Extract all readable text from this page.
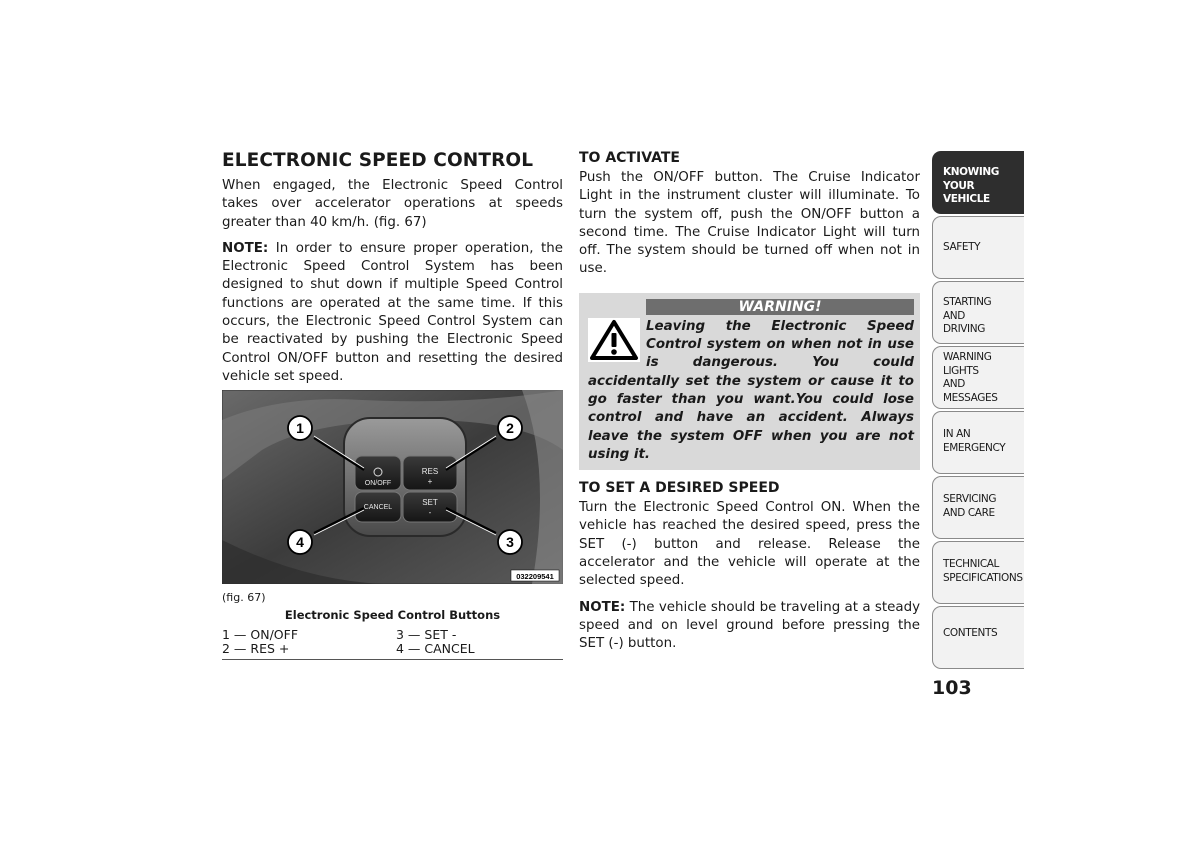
ELECTRONIC SPEED CONTROL

When engaged, the Electronic Speed Control takes over accelerator operations at speeds greater than 40 km/h. (fig. 67)

NOTE: In order to ensure proper operation, the Electronic Speed Control System has been designed to shut down if multiple Speed Control functions are operated at the same time. If this occurs, the Electronic Speed Control System can be reactivated by pushing the Electronic Speed Control ON/OFF button and resetting the desired vehicle set speed.

ON/OFF
RES
+
CANCEL
SET
-
1	2
3
4
032209541
(fig. 67)
Electronic Speed Control Buttons
1 — ON/OFF	3 — SET -
2 — RES +	4 — CANCEL
TO ACTIVATE

Push the ON/OFF button. The Cruise Indicator Light in the instrument cluster will illuminate. To turn the system off, push the ON/OFF button a second time. The Cruise Indicator Light will turn off. The system should be turned off when not in use.

WARNING!

Leaving the Electronic Speed Control system on when not in use is dangerous. You could accidentally set the system or cause it to go faster than you want.You could lose control and have an accident. Always leave the system OFF when you are not using it.

TO SET A DESIRED SPEED

Turn the Electronic Speed Control ON. When the vehicle has reached the desired speed, press the SET (-) button and release. Release the accelerator and the vehicle will operate at the selected speed.

NOTE: The vehicle should be traveling at a steady speed and on level ground before pressing the SET (-) button.

KNOWING
YOUR
VEHICLE
SAFETY
STARTING
AND
DRIVING
WARNING
LIGHTS
AND
MESSAGES
IN AN
EMERGENCY
SERVICING
AND CARE
TECHNICAL
SPECIFICATIONS
CONTENTS
103
